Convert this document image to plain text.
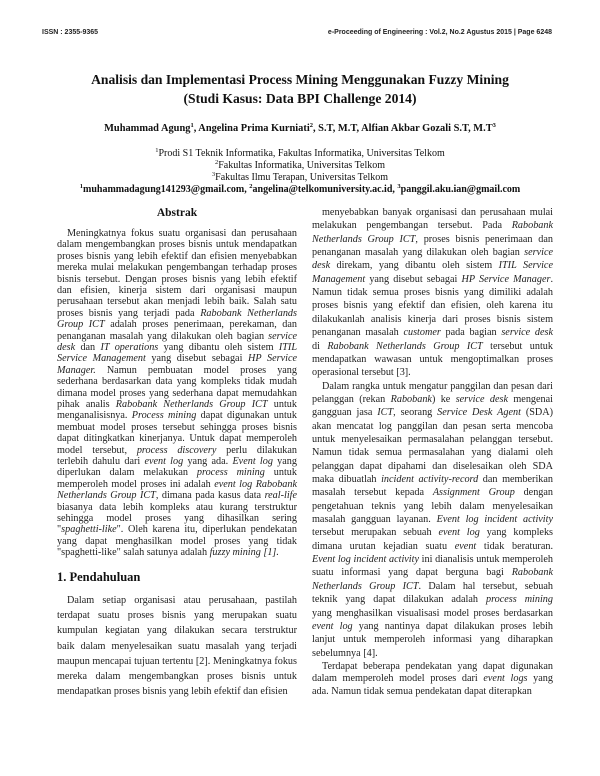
ISSN : 2355-9365	e-Proceeding of Engineering : Vol.2, No.2 Agustus 2015 | Page 6248
Analisis dan Implementasi Process Mining Menggunakan Fuzzy Mining
(Studi Kasus: Data BPI Challenge 2014)
Muhammad Agung$^1$, Angelina Prima Kurniati$^2$, S.T, M.T, Alfian Akbar Gozali S.T, $M.T^3$
$^1$Prodi S1 Teknik Informatika, Fakultas Informatika, Universitas Telkom
$^2$Fakultas Informatika, Universitas Telkom
$^3$Fakultas Ilmu Terapan, Universitas Telkom
$^1$muhammadagung141293@gmail.com, $^2$angelina@telkomuniversity.ac.id, $^3$panggil.aku.ian@gmail.com
Abstrak
Meningkatnya fokus suatu organisasi dan perusahaan
dalam mengembangkan proses bisnis untuk mendapatkan
proses bisnis yang lebih efektif dan efisien menyebabkan
mereka mulai melakukan pengembangan terhadap proses
bisnis tersebut. Dengan proses bisnis yang lebih efektif
dan efisien, kinerja sistem dari organisasi maupun
perusahaan tersebut akan menjadi lebih baik. Salah satu
proses bisnis yang terjadi pada Rabobank Netherlands
Group ICT adalah proses penerimaan, perekaman, dan
penanganan masalah yang dilakukan oleh bagian service
desk dan IT operations yang dibantu oleh sistem ITIL
Service Management yang disebut sebagai HP Service
Manager. Namun pembuatan model proses yang
sederhana berdasarkan data yang kompleks tidak mudah
dimana model proses yang sederhana dapat memudahkan
pihak analis Rabobank Netherlands Group ICT untuk
menganalisisnya. Process mining dapat digunakan untuk
membuat model proses tersebut sehingga proses bisnis
dapat ditingkatkan kinerjanya. Untuk dapat memperoleh
model tersebut, process discovery perlu dilakukan
terlebih dahulu dari event log yang ada. Event log yang
diperlukan dalam melakukan process mining untuk
memperoleh model proses ini adalah event log Rabobank
Netherlands Group ICT, dimana pada kasus data real-life
biasanya data lebih kompleks atau kurang terstruktur
sehingga model proses yang dihasilkan sering
"spaghetti-like". Oleh karena itu, diperlukan pendekatan
yang dapat menghasilkan model proses yang tidak
"spaghetti-like" salah satunya adalah fuzzy mining [1].
1. Pendahuluan
Dalam setiap organisasi atau perusahaan, pastilah
terdapat suatu proses bisnis yang merupakan suatu
kumpulan kegiatan yang dilakukan secara terstruktur
baik dalam menyelesaikan suatu masalah yang terjadi
maupun mencapai tujuan tertentu [2]. Meningkatnya fokus
mereka dalam mengembangkan proses bisnis untuk
mendapatkan proses bisnis yang lebih efektif dan efisien
menyebabkan banyak organisasi dan perusahaan mulai
melakukan pengembangan tersebut. Pada Rabobank
Netherlands Group ICT, proses bisnis penerimaan dan
penanganan masalah yang dilakukan oleh bagian service
desk direkam, yang dibantu oleh sistem ITIL Service
Management yang disebut sebagai HP Service Manager.
Namun tidak semua proses bisnis yang dimiliki adalah
proses bisnis yang efektif dan efisien, oleh karena itu
dilakukanlah analisis kinerja dari proses bisnis sistem
penanganan masalah customer pada bagian service desk
di Rabobank Netherlands Group ICT tersebut untuk
mendapatkan wawasan untuk mengoptimalkan proses
operasional tersebut [3].
Dalam rangka untuk mengatur panggilan dan pesan dari
pelanggan (rekan Rabobank) ke service desk mengenai
gangguan jasa ICT, seorang Service Desk Agent (SDA)
akan mencatat log panggilan dan pesan serta mencoba
untuk menyelesaikan permasalahan pelanggan tersebut.
Namun tidak semua permasalahan yang dialami oleh
pelanggan dapat dipahami dan diselesaikan oleh SDA
maka dibuatlah incident activity-record dan memberikan
masalah tersebut kepada Assignment Group dengan
pengetahuan teknis yang lebih dalam menyelesaikan
masalah gangguan layanan. Event log incident activity
tersebut merupakan sebuah event log yang kompleks
dimana urutan kejadian suatu event tidak beraturan.
Event log incident activity ini dianalisis untuk memperoleh
suatu informasi yang dapat berguna bagi Rabobank
Netherlands Group ICT. Dalam hal tersebut, sebuah
teknik yang dapat dilakukan adalah process mining
yang menghasilkan visualisasi model proses berdasarkan
event log yang nantinya dapat dilakukan proses lebih
lanjut untuk memperoleh informasi yang diharapkan
sebelumnya [4].
Terdapat beberapa pendekatan yang dapat digunakan
dalam memperoleh model proses dari event logs yang
ada. Namun tidak semua pendekatan dapat diterapkan
